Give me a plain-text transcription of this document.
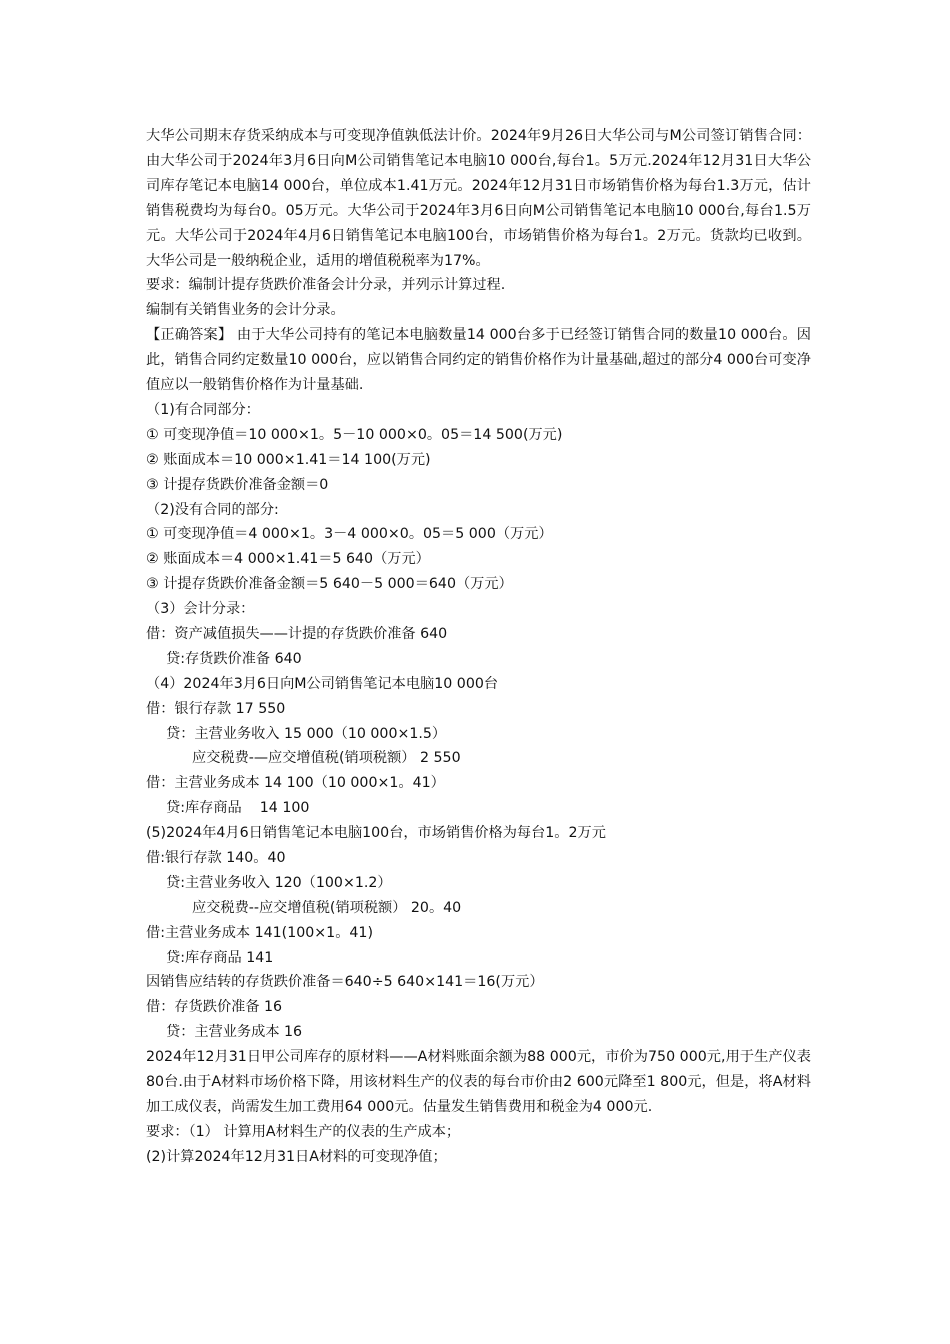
大华公司期末存货采纳成本与可变现净值孰低法计价。2024年9月26日大华公司与M公司签订销售合同：由大华公司于2024年3月6日向M公司销售笔记本电脑10 000台,每台1。5万元.2024年12月31日大华公司库存笔记本电脑14 000台，单位成本1.41万元。2024年12月31日市场销售价格为每台1.3万元，估计销售税费均为每台0。05万元。大华公司于2024年3月6日向M公司销售笔记本电脑10 000台,每台1.5万元。大华公司于2024年4月6日销售笔记本电脑100台，市场销售价格为每台1。2万元。货款均已收到。大华公司是一般纳税企业，适用的增值税税率为17%。
要求：编制计提存货跌价准备会计分录，并列示计算过程.
编制有关销售业务的会计分录。
【正确答案】 由于大华公司持有的笔记本电脑数量14 000台多于已经签订销售合同的数量10 000台。因此，销售合同约定数量10 000台，应以销售合同约定的销售价格作为计量基础,超过的部分4 000台可变净值应以一般销售价格作为计量基础.
（1)有合同部分：
① 可变现净值＝10 000×1。5－10 000×0。05＝14 500(万元)
② 账面成本＝10 000×1.41＝14 100(万元)
③ 计提存货跌价准备金额＝0
（2)没有合同的部分:
① 可变现净值＝4 000×1。3－4 000×0。05＝5 000（万元）
② 账面成本＝4 000×1.41＝5 640（万元）
③ 计提存货跌价准备金额＝5 640－5 000＝640（万元）
（3）会计分录：
借：资产减值损失——计提的存货跌价准备 640
贷:存货跌价准备 640
（4）2024年3月6日向M公司销售笔记本电脑10 000台
借：银行存款 17 550
贷：主营业务收入 15 000（10 000×1.5）
应交税费-—应交增值税(销项税额） 2 550
借：主营业务成本 14 100（10 000×1。41）
贷:库存商品    14 100
(5)2024年4月6日销售笔记本电脑100台，市场销售价格为每台1。2万元
借:银行存款 140。40
贷:主营业务收入 120（100×1.2）
应交税费--应交增值税(销项税额） 20。40
借:主营业务成本 141(100×1。41)
贷:库存商品 141
因销售应结转的存货跌价准备＝640÷5 640×141＝16(万元）
借：存货跌价准备 16
贷：主营业务成本 16
2024年12月31日甲公司库存的原材料——A材料账面余额为88 000元，市价为750 000元,用于生产仪表80台.由于A材料市场价格下降，用该材料生产的仪表的每台市价由2 600元降至1 800元，但是，将A材料加工成仪表，尚需发生加工费用64 000元。估量发生销售费用和税金为4 000元.
要求：（1） 计算用A材料生产的仪表的生产成本；
(2)计算2024年12月31日A材料的可变现净值；
